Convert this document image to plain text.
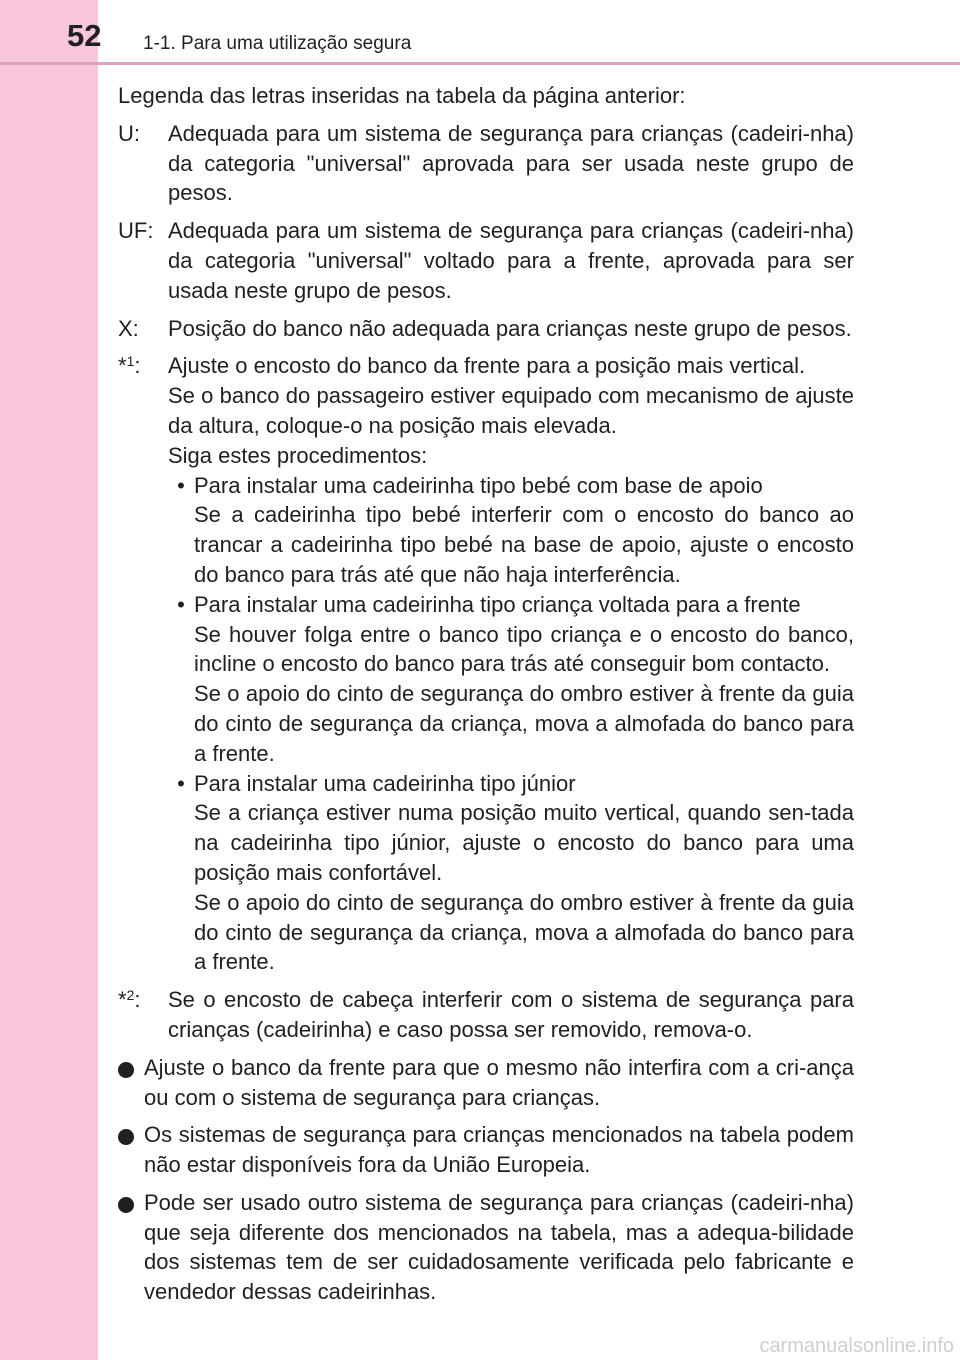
52 1-1. Para uma utilização segura

Legenda das letras inseridas na tabela da página anterior:

U:	Adequada para um sistema de segurança para crianças (cadeiri-nha) da categoria "universal" aprovada para ser usada neste grupo de pesos.
UF: Adequada para um sistema de segurança para crianças (cadeiri-nha) da categoria "universal" voltado para a frente, aprovada para ser usada neste grupo de pesos.
X:	Posição do banco não adequada para crianças neste grupo de pesos.
*$^1$:	Ajuste o encosto do banco da frente para a posição mais vertical.

Se o banco do passageiro estiver equipado com mecanismo de ajuste da altura, coloque-o na posição mais elevada.

Siga estes procedimentos:

• Para instalar uma cadeirinha tipo bebé com base de apoio

Se a cadeirinha tipo bebé interferir com o encosto do banco ao trancar a cadeirinha tipo bebé na base de apoio, ajuste o encosto do banco para trás até que não haja interferência.

• Para instalar uma cadeirinha tipo criança voltada para a frente

Se houver folga entre o banco tipo criança e o encosto do banco, incline o encosto do banco para trás até conseguir bom contacto.

Se o apoio do cinto de segurança do ombro estiver à frente da guia do cinto de segurança da criança, mova a almofada do banco para a frente.

• Para instalar uma cadeirinha tipo júnior

Se a criança estiver numa posição muito vertical, quando sen-tada na cadeirinha tipo júnior, ajuste o encosto do banco para uma posição mais confortável.

Se o apoio do cinto de segurança do ombro estiver à frente da guia do cinto de segurança da criança, mova a almofada do banco para a frente.

*$^2$:	Se o encosto de cabeça interferir com o sistema de segurança para crianças (cadeirinha) e caso possa ser removido, remova-o.
Ajuste o banco da frente para que o mesmo não interfira com a cri-ança ou com o sistema de segurança para crianças.
Os sistemas de segurança para crianças mencionados na tabela podem não estar disponíveis fora da União Europeia.
Pode ser usado outro sistema de segurança para crianças (cadeiri-nha) que seja diferente dos mencionados na tabela, mas a adequa-bilidade dos sistemas tem de ser cuidadosamente verificada pelo fabricante e vendedor dessas cadeirinhas.
carmanualsonline.info
